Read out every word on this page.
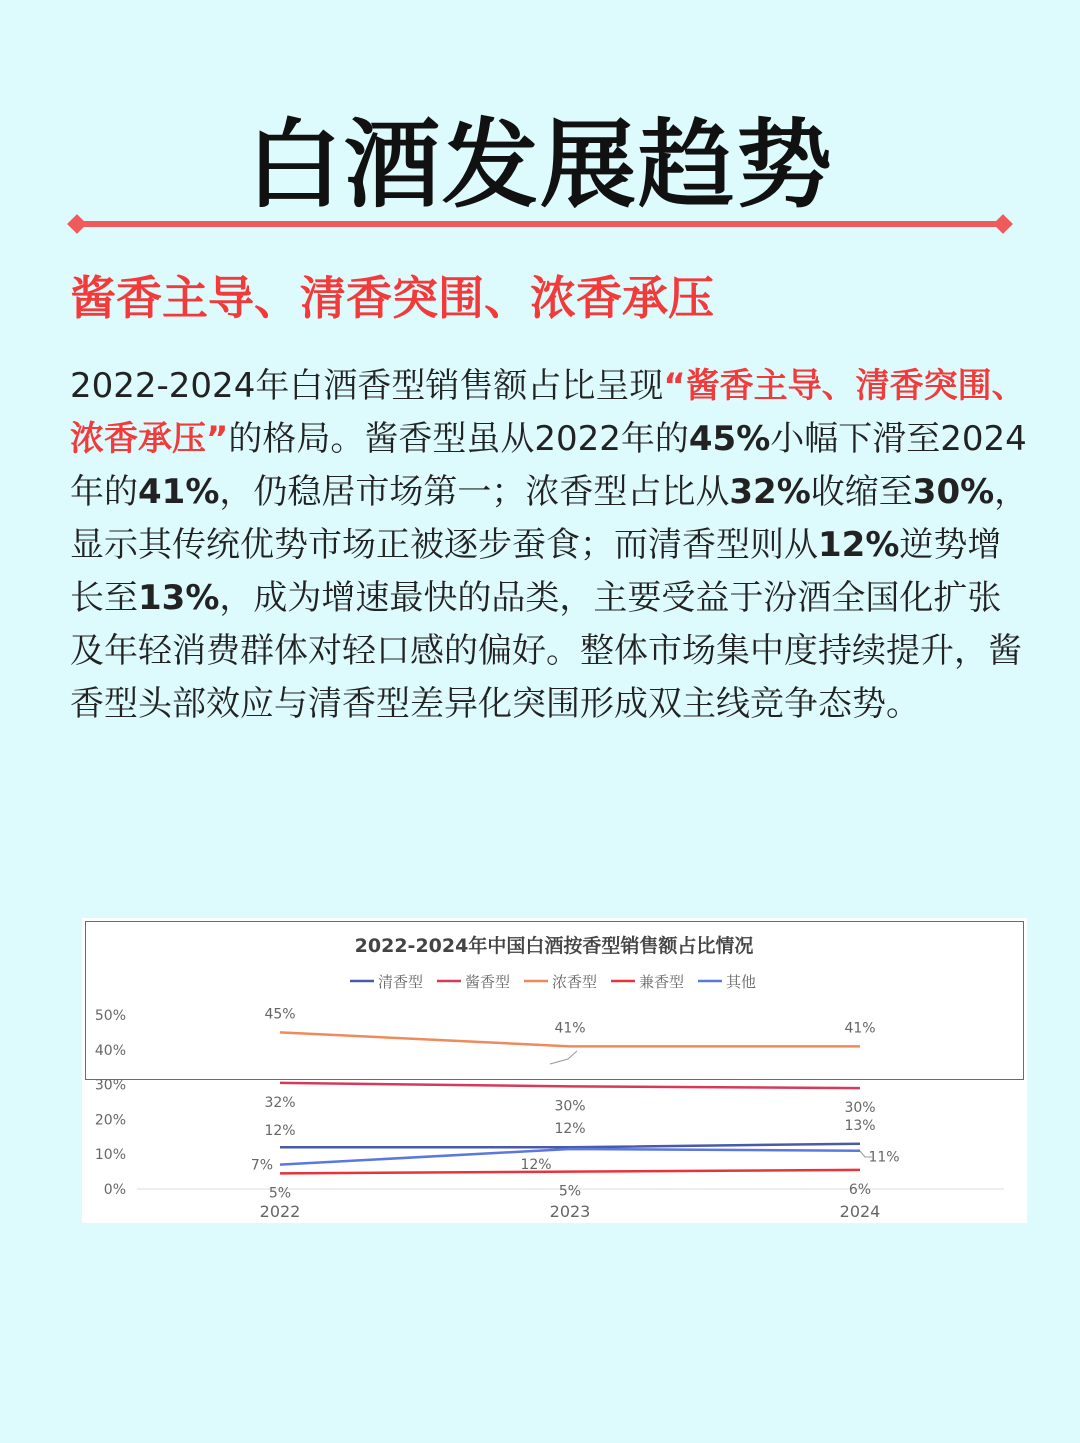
白酒发展趋势
酱香主导、清香突围、浓香承压
2022-2024年白酒香型销售额占比呈现“酱香主导、清香突围、浓香承压”的格局。酱香型虽从2022年的45%小幅下滑至2024年的41%，仍稳居市场第一；浓香型占比从32%收缩至30%，显示其传统优势市场正被逐步蚕食；而清香型则从12%逆势增长至13%，成为增速最快的品类，主要受益于汾酒全国化扩张及年轻消费群体对轻口感的偏好。整体市场集中度持续提升，酱香型头部效应与清香型差异化突围形成双主线竞争态势。
2022-2024年中国白酒按香型销售额占比情况
清香型	酱香型	浓香型	兼香型	其他
0%
10%
20%
30%
40%
50%
2022	2023	2024
12%	12%	13%
32%	30%	30%
45%
41%	41%
5%	5%	6%
7%	12%	11%
